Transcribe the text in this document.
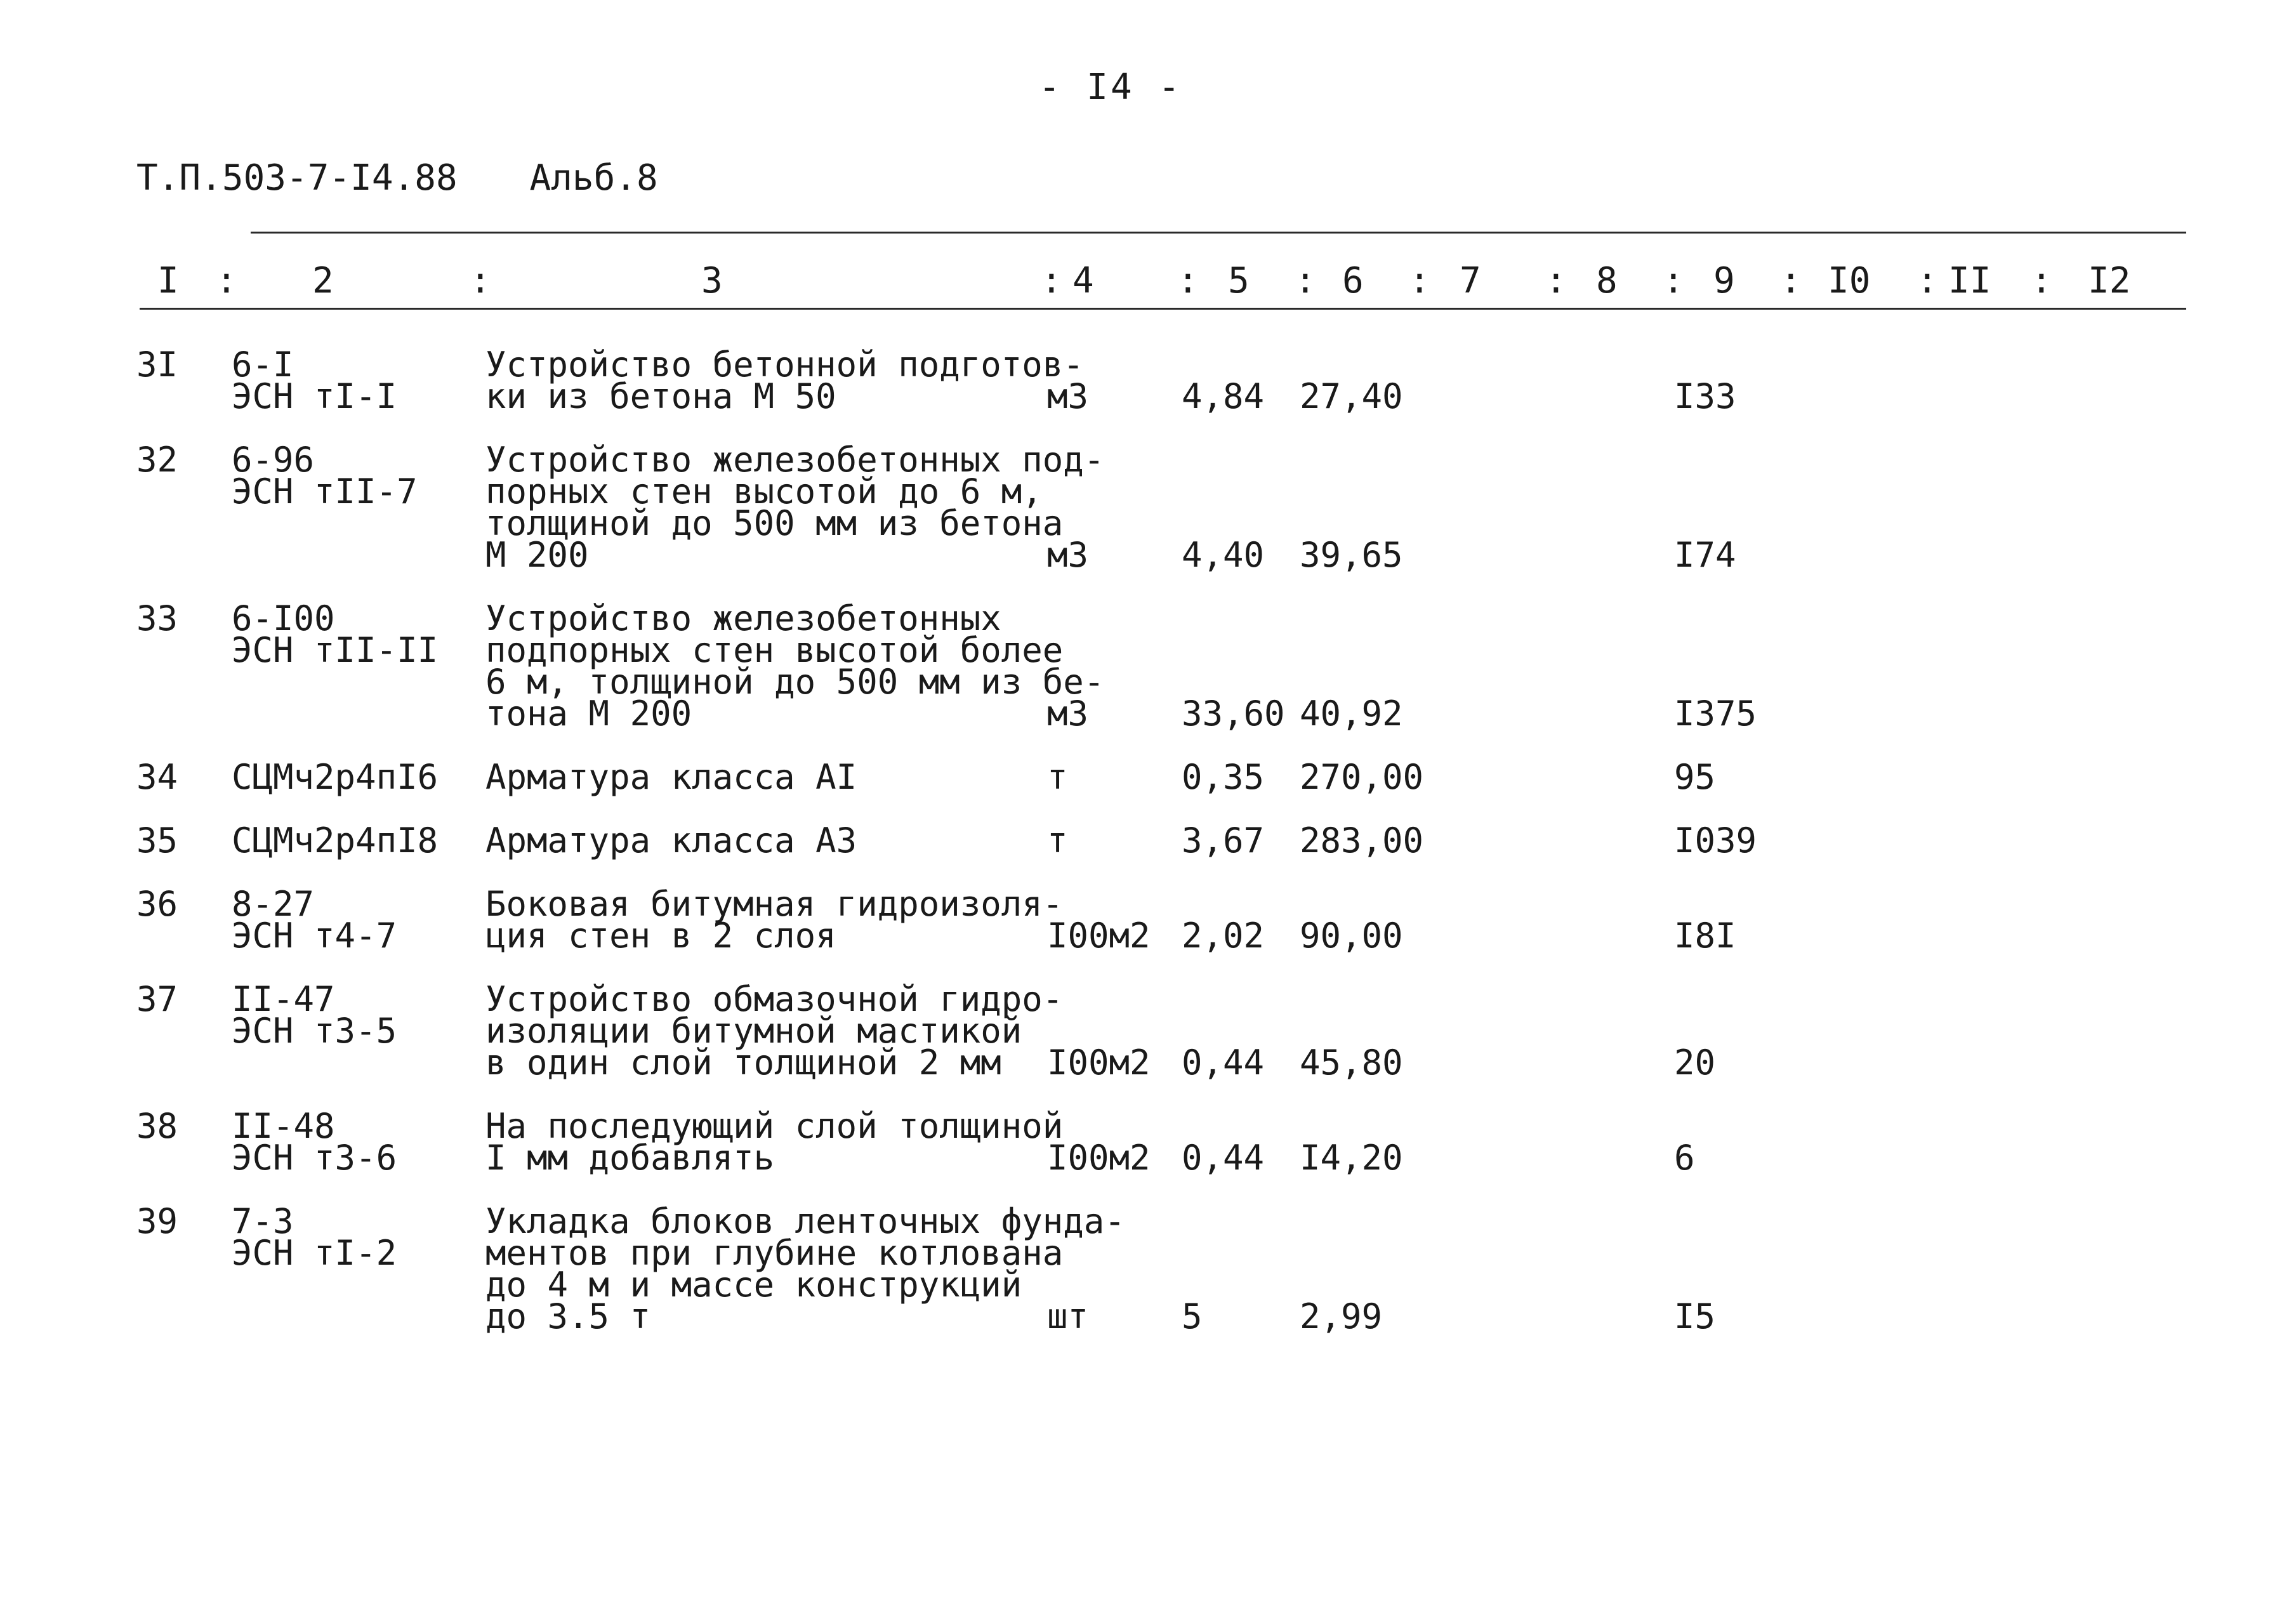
- I4 -
Т.П.503-7-I4.88 Альб.8
I : 2	:	3	: 4 : 5 : 6 : 7 : 8 : 9 : I0 : II : I2
3I 6-I
ЭСН тI-I
Устройство бетонной подготов-
ки из бетона М 50	м3	4,84 27,40	I33
32 6-96
ЭСН тII-7
Устройство железобетонных под-
порных стен высотой до 6 м,
толщиной до 500 мм из бетона
М 200	м3	4,40 39,65	I74
33 6-I00
ЭСН тII-II
Устройство железобетонных
подпорных стен высотой более
6 м, толщиной до 500 мм из бе-
тона М 200	м3	33,60 40,92	I375
34 СЦМч2р4пI6 Арматура класса АI	т	0,35 270,00	95
35 СЦМч2р4пI8 Арматура класса А3	т	3,67 283,00	I039
36 8-27
ЭСН т4-7
Боковая битумная гидроизоля-
ция стен в 2 слоя	I00м2 2,02 90,00	I8I
37 II-47
ЭСН т3-5
Устройство обмазочной гидро-
изоляции битумной мастикой
в один слой толщиной 2 мм	I00м2 0,44 45,80	20
38 II-48
ЭСН т3-6
На последующий слой толщиной
I мм добавлять	I00м2 0,44 I4,20	6
39 7-3
ЭСН тI-2
Укладка блоков ленточных фунда-
ментов при глубине котлована
до 4 м и массе конструкций
до 3.5 т	шт	5	2,99	I5
